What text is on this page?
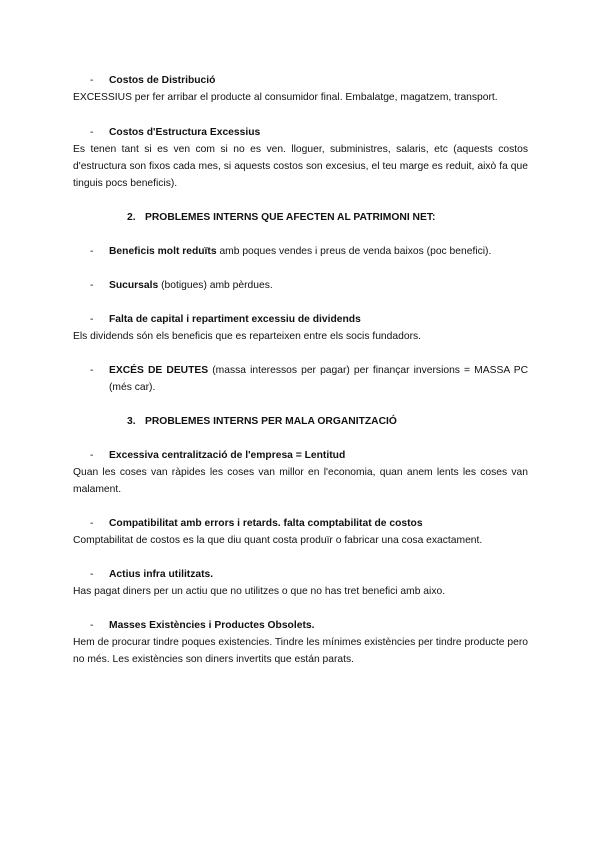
- Costos de Distribució
EXCESSIUS per fer arribar el producte al consumidor final. Embalatge, magatzem, transport.
- Costos d'Estructura Excessius
Es tenen tant si es ven com si no es ven. lloguer, subministres, salaris, etc (aquests costos d'estructura son fixos cada mes, si aquests costos son excesius, el teu marge es reduit, això fa que tinguis pocs beneficis).
2. PROBLEMES INTERNS QUE AFECTEN AL PATRIMONI NET:
- Beneficis molt reduïts amb poques vendes i preus de venda baixos (poc benefici).
- Sucursals (botigues) amb pèrdues.
- Falta de capital i repartiment excessiu de dividends
Els dividends són els beneficis que es reparteixen entre els socis fundadors.
- EXCÉS DE DEUTES (massa interessos per pagar) per finançar inversions = MASSA PC (més car).
3. PROBLEMES INTERNS PER MALA ORGANITZACIÓ
- Excessiva centralització de l'empresa = Lentitud
Quan les coses van ràpides les coses van millor en l'economia, quan anem lents les coses van malament.
- Compatibilitat amb errors i retards. falta comptabilitat de costos
Comptabilitat de costos es la que diu quant costa produïr o fabricar una cosa exactament.
- Actius infra utilitzats.
Has pagat diners per un actiu que no utilitzes o que no has tret benefici amb aixo.
- Masses Existències i Productes Obsolets.
Hem de procurar tindre poques existencies. Tindre les mínimes existències per tindre producte pero no més. Les existències son diners invertits que están parats.
